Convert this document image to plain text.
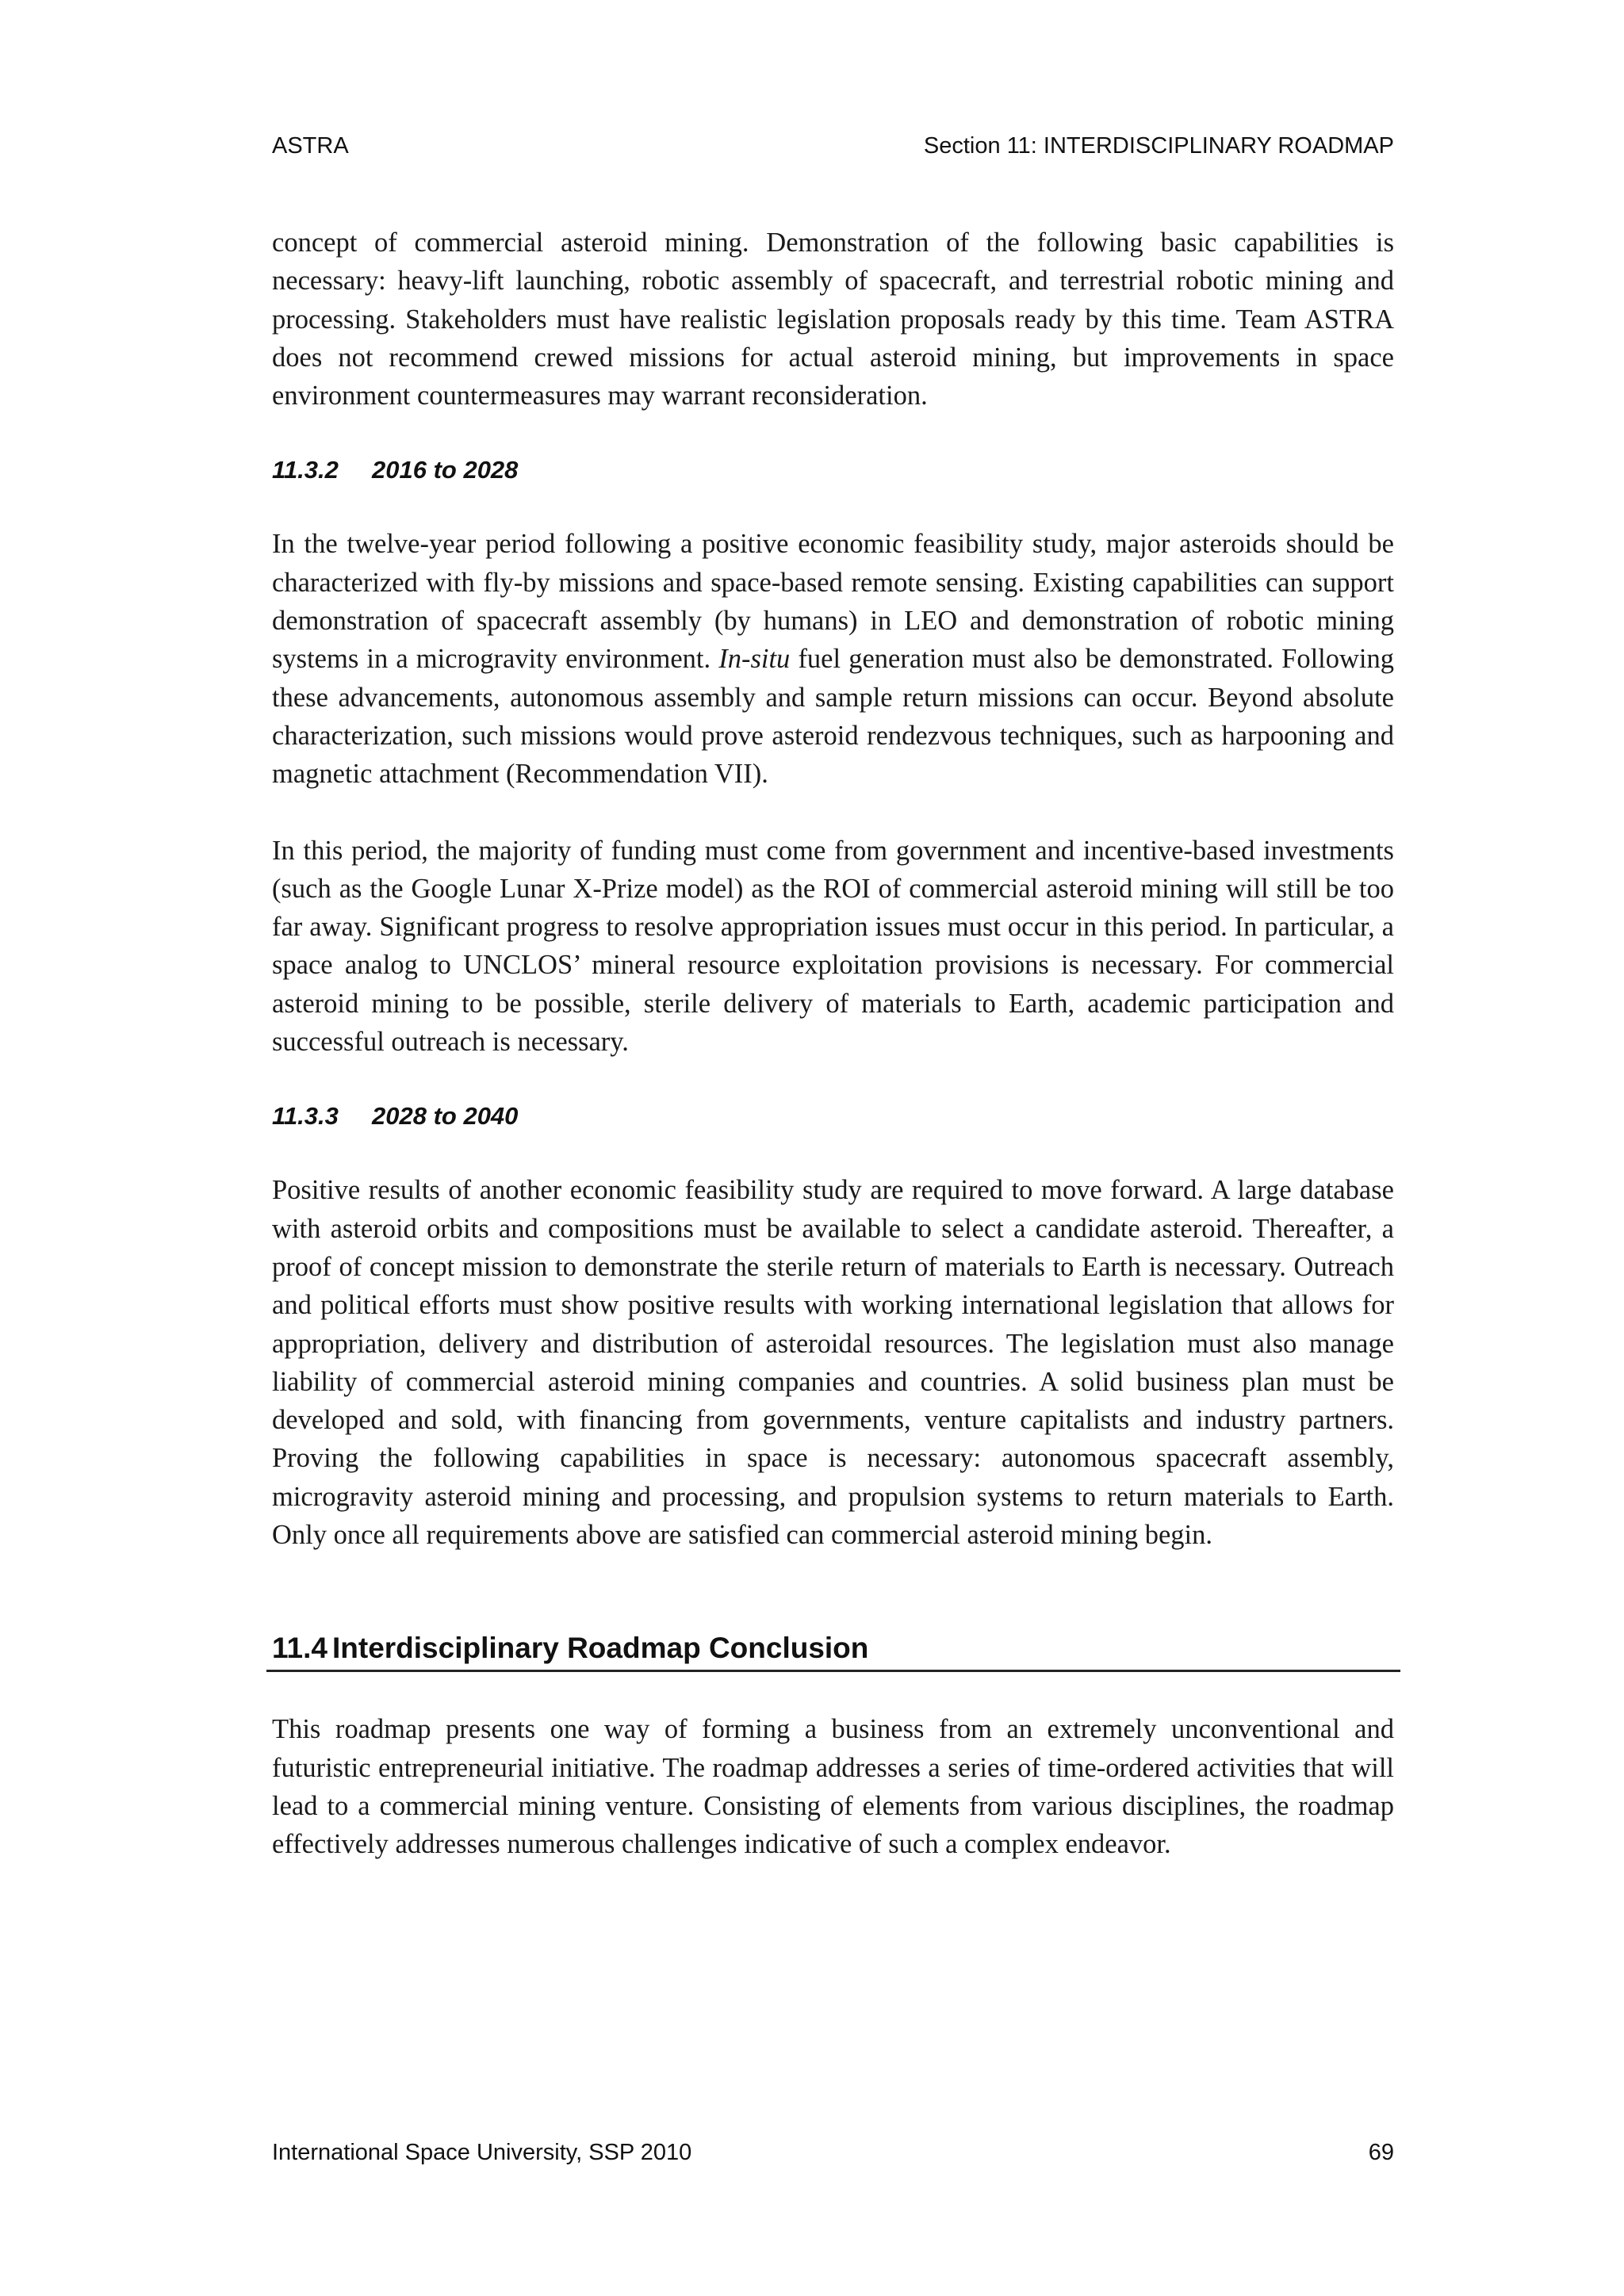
ASTRA	Section 11: INTERDISCIPLINARY ROADMAP

concept of commercial asteroid mining. Demonstration of the following basic capabilities is necessary: heavy-lift launching, robotic assembly of spacecraft, and terrestrial robotic mining and processing. Stakeholders must have realistic legislation proposals ready by this time. Team ASTRA does not recommend crewed missions for actual asteroid mining, but improvements in space environment countermeasures may warrant reconsideration.

11.3.2 2016 to 2028

In the twelve-year period following a positive economic feasibility study, major asteroids should be characterized with fly-by missions and space-based remote sensing. Existing capabilities can support demonstration of spacecraft assembly (by humans) in LEO and demonstration of robotic mining systems in a microgravity environment. In-situ fuel generation must also be demonstrated. Following these advancements, autonomous assembly and sample return missions can occur. Beyond absolute characterization, such missions would prove asteroid rendezvous techniques, such as harpooning and magnetic attachment (Recommendation VII).

In this period, the majority of funding must come from government and incentive-based investments (such as the Google Lunar X-Prize model) as the ROI of commercial asteroid mining will still be too far away. Significant progress to resolve appropriation issues must occur in this period. In particular, a space analog to UNCLOS’ mineral resource exploitation provisions is necessary. For commercial asteroid mining to be possible, sterile delivery of materials to Earth, academic participation and successful outreach is necessary.

11.3.3 2028 to 2040

Positive results of another economic feasibility study are required to move forward. A large database with asteroid orbits and compositions must be available to select a candidate asteroid. Thereafter, a proof of concept mission to demonstrate the sterile return of materials to Earth is necessary. Outreach and political efforts must show positive results with working international legislation that allows for appropriation, delivery and distribution of asteroidal resources. The legislation must also manage liability of commercial asteroid mining companies and countries. A solid business plan must be developed and sold, with financing from governments, venture capitalists and industry partners. Proving the following capabilities in space is necessary: autonomous spacecraft assembly, microgravity asteroid mining and processing, and propulsion systems to return materials to Earth. Only once all requirements above are satisfied can commercial asteroid mining begin.

11.4 Interdisciplinary Roadmap Conclusion

This roadmap presents one way of forming a business from an extremely unconventional and futuristic entrepreneurial initiative. The roadmap addresses a series of time-ordered activities that will lead to a commercial mining venture. Consisting of elements from various disciplines, the roadmap effectively addresses numerous challenges indicative of such a complex endeavor.

International Space University, SSP 2010	69
